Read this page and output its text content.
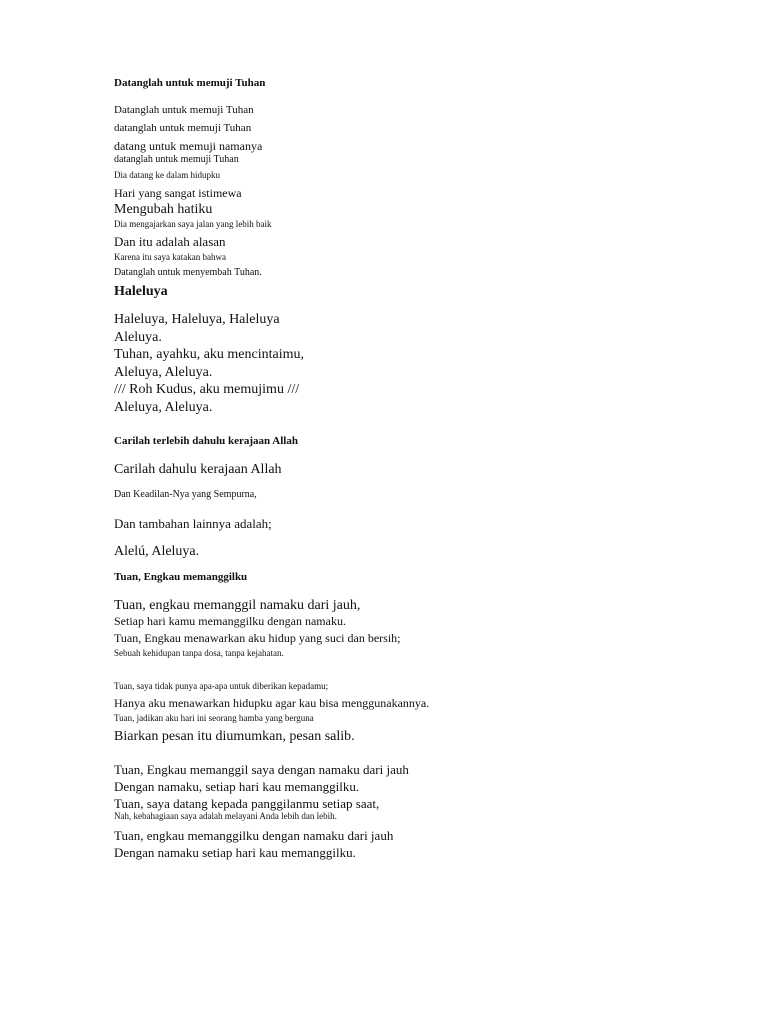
Datanglah untuk memuji Tuhan
Datanglah untuk memuji Tuhan
datanglah untuk memuji Tuhan
datang untuk memuji namanya
datanglah untuk memuji Tuhan
Dia datang ke dalam hidupku
Hari yang sangat istimewa
Mengubah hatiku
Dia mengajarkan saya jalan yang lebih baik
Dan itu adalah alasan
Karena itu saya katakan bahwa
Datanglah untuk menyembah Tuhan.
Haleluya
Haleluya, Haleluya, Haleluya
Aleluya.
Tuhan, ayahku, aku mencintaimu,
Aleluya, Aleluya.
/// Roh Kudus, aku memujimu ///
Aleluya, Aleluya.
Carilah terlebih dahulu kerajaan Allah
Carilah dahulu kerajaan Allah
Dan Keadilan-Nya yang Sempurna,
Dan tambahan lainnya adalah;
Alelú, Aleluya.
Tuan, Engkau memanggilku
Tuan, engkau memanggil namaku dari jauh,
Setiap hari kamu memanggilku dengan namaku.
Tuan, Engkau menawarkan aku hidup yang suci dan bersih;
Sebuah kehidupan tanpa dosa, tanpa kejahatan.
Tuan, saya tidak punya apa-apa untuk diberikan kepadamu;
Hanya aku menawarkan hidupku agar kau bisa menggunakannya.
Tuan, jadikan aku hari ini seorang hamba yang berguna
Biarkan pesan itu diumumkan, pesan salib.
Tuan, Engkau memanggil saya dengan namaku dari jauh
Dengan namaku, setiap hari kau memanggilku.
Tuan, saya datang kepada panggilanmu setiap saat,
Nah, kebahagiaan saya adalah melayani Anda lebih dan lebih.
Tuan, engkau memanggilku dengan namaku dari jauh
Dengan namaku setiap hari kau memanggilku.
